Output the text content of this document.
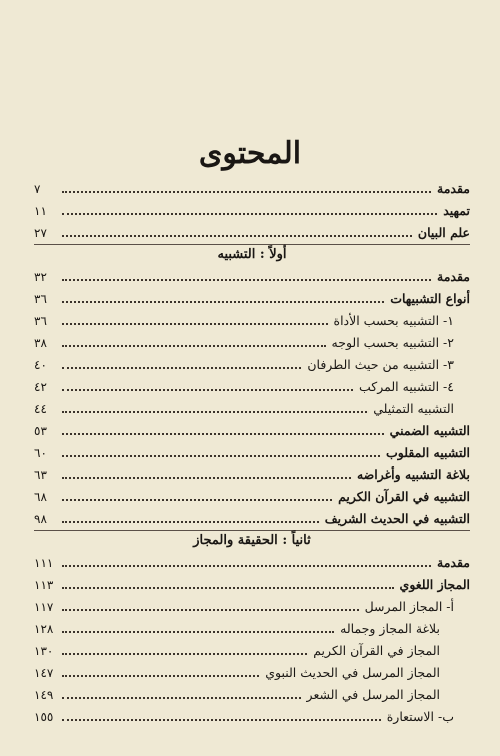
المحتوى
مقدمة
٧
تمهيد
١١
علم البيان
٢٧
مقدمة
٣٢
أنواع التشبيهات
٣٦
١- التشبيه بحسب الأداة
٣٦
٢- التشبيه بحسب الوجه
٣٨
٣- التشبيه من حيث الطرفان
٤٠
٤- التشبيه المركب
٤٢
التشبيه التمثيلي
٤٤
التشبيه الضمني
٥٣
التشبيه المقلوب
٦٠
بلاغة التشبيه وأغراضه
٦٣
التشبيه في القرآن الكريم
٦٨
التشبيه في الحديث الشريف
٩٨
مقدمة
١١١
المجاز اللغوي
١١٣
أ- المجاز المرسل
١١٧
بلاغة المجاز وجماله
١٢٨
المجاز في القرآن الكريم
١٣٠
المجاز المرسل في الحديث النبوي
١٤٧
المجاز المرسل في الشعر
١٤٩
ب- الاستعارة
١٥٥
أولاً : التشبيه
ثانياً : الحقيقة والمجاز
